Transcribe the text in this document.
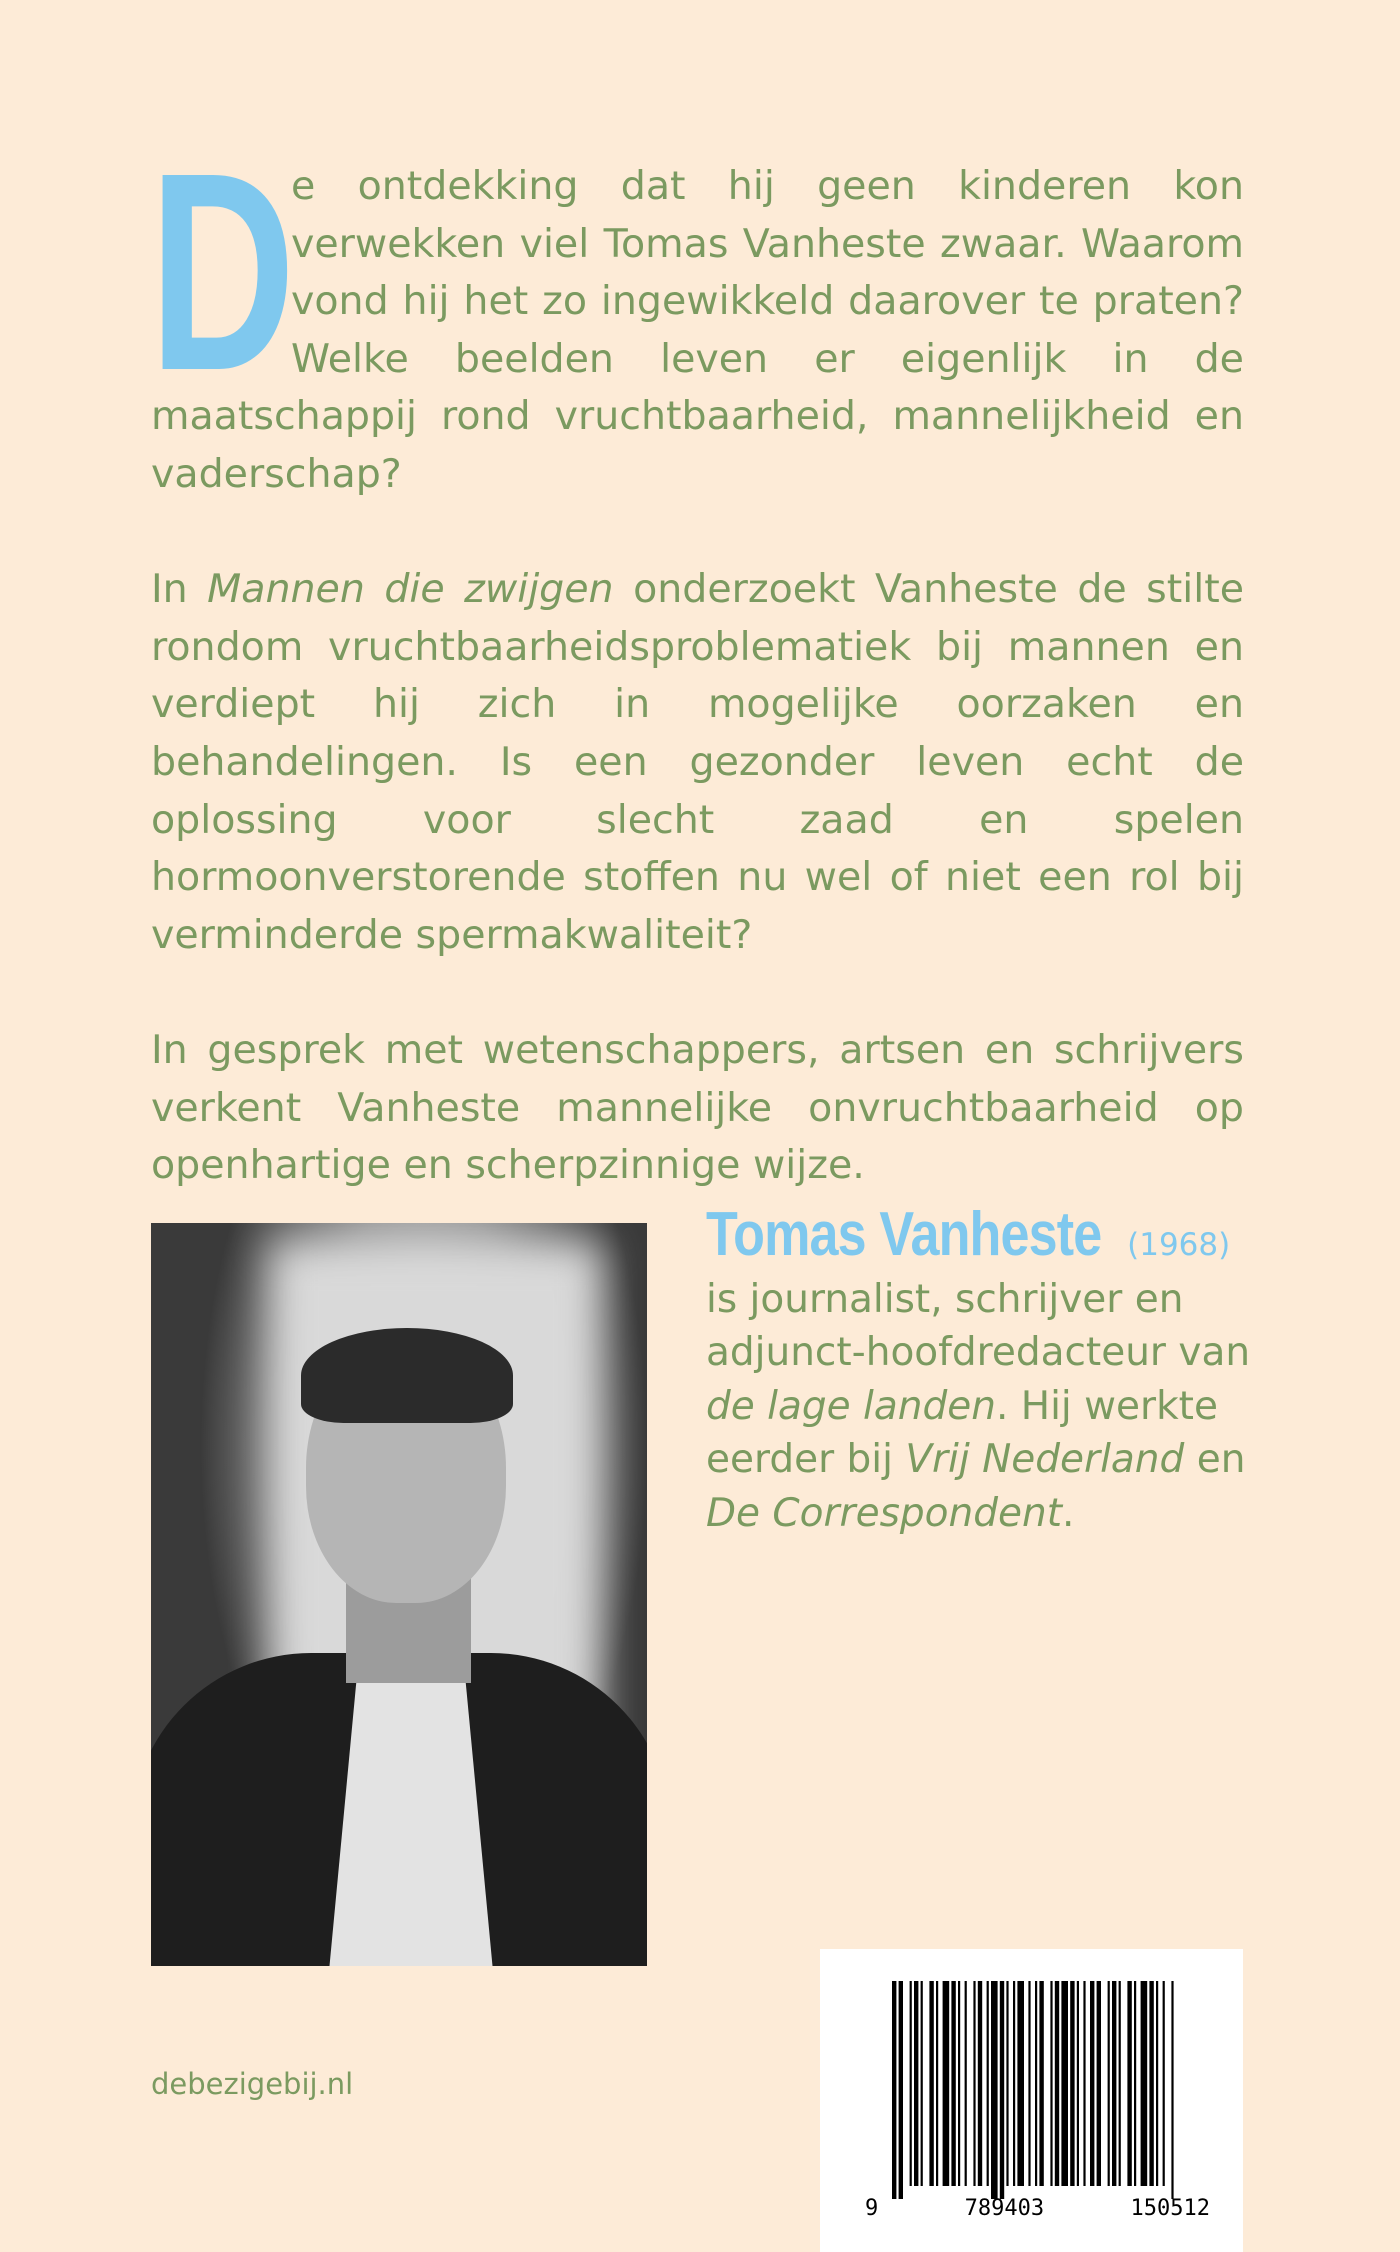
D
e ontdekking dat hij geen kinderen kon verwekken viel Tomas Vanheste zwaar. Waarom vond hij het zo ingewikkeld daarover te praten? Welke beelden leven er eigenlijk in de maatschappij rond vruchtbaarheid, mannelijkheid en vaderschap?

In Mannen die zwijgen onderzoekt Vanheste de stilte rondom vruchtbaarheidsproblematiek bij mannen en verdiept hij zich in mogelijke oorzaken en behandelingen. Is een gezonder leven echt de oplossing voor slecht zaad en spelen hormoonverstorende stoffen nu wel of niet een rol bij verminderde spermakwaliteit?

In gesprek met wetenschappers, artsen en schrijvers verkent Vanheste mannelijke onvruchtbaarheid op openhartige en scherpzinnige wijze.

Tomas Vanheste (1968)
is journalist, schrijver en adjunct-hoofdredacteur van de lage landen. Hij werkte eerder bij Vrij Nederland en De Correspondent.
debezigebij.nl
9	789403	150512
